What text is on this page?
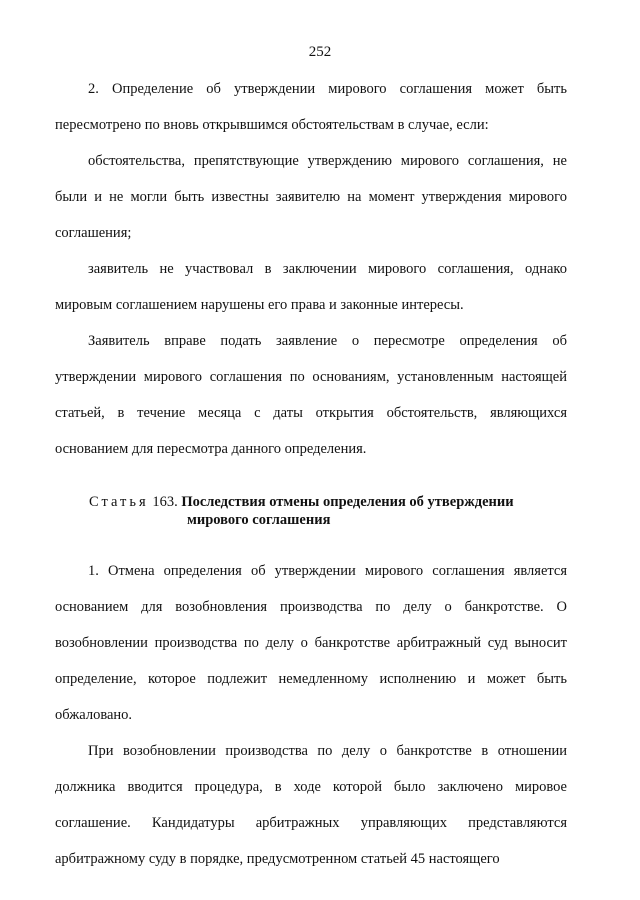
252

2. Определение об утверждении мирового соглашения может быть пересмотрено по вновь открывшимся обстоятельствам в случае, если:

обстоятельства, препятствующие утверждению мирового соглашения, не были и не могли быть известны заявителю на момент утверждения мирового соглашения;

заявитель не участвовал в заключении мирового соглашения, однако мировым соглашением нарушены его права и законные интересы.

Заявитель вправе подать заявление о пересмотре определения об утверждении мирового соглашения по основаниям, установленным настоящей статьей, в течение месяца с даты открытия обстоятельств, являющихся основанием для пересмотра данного определения.

Статья 163. Последствия отмены определения об утверждении
мирового соглашения

1. Отмена определения об утверждении мирового соглашения является основанием для возобновления производства по делу о банкротстве. О возобновлении производства по делу о банкротстве арбитражный суд выносит определение, которое подлежит немедленному исполнению и может быть обжаловано.

При возобновлении производства по делу о банкротстве в отношении должника вводится процедура, в ходе которой было заключено мировое соглашение. Кандидатуры арбитражных управляющих представляются арбитражному суду в порядке, предусмотренном статьей 45 настоящего
